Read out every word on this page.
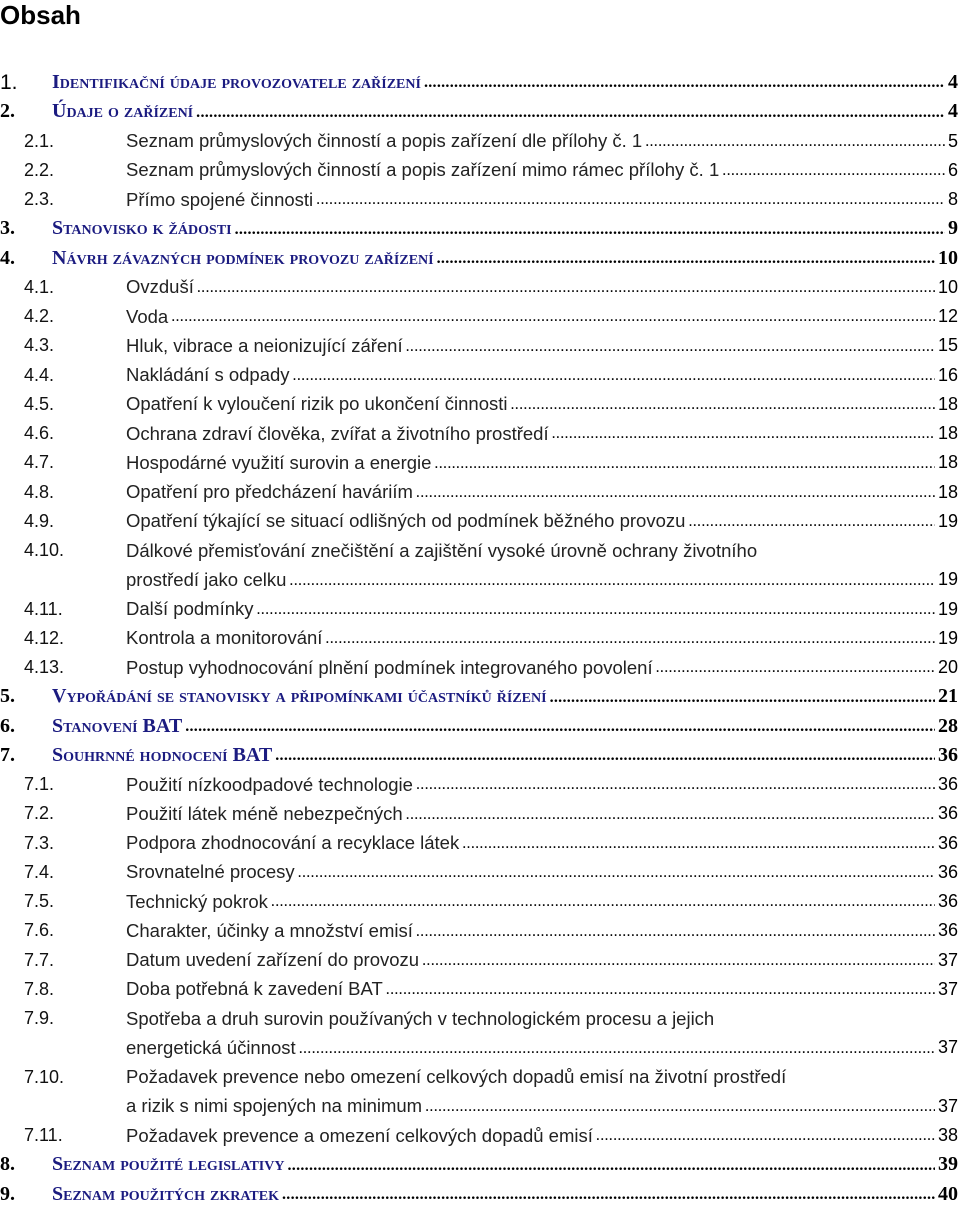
Obsah
1.	Identifikační údaje provozovatele zařízení .....	4
2.	Údaje o zařízení .....	4
2.1.	Seznam průmyslových činností a popis zařízení dle přílohy č. 1 .....	5
2.2.	Seznam průmyslových činností a popis zařízení mimo rámec přílohy č. 1 .....	6
2.3.	Přímo spojené činnosti .....	8
3.	Stanovisko k žádosti .....	9
4.	Návrh závazných podmínek provozu zařízení .....	10
4.1.	Ovzduší .....	10
4.2.	Voda .....	12
4.3.	Hluk, vibrace a neionizující záření .....	15
4.4.	Nakládání s odpady .....	16
4.5.	Opatření k vyloučení rizik po ukončení činnosti .....	18
4.6.	Ochrana zdraví člověka, zvířat a životního prostředí .....	18
4.7.	Hospodárné využití surovin a energie .....	18
4.8.	Opatření pro předcházení haváriím .....	18
4.9.	Opatření týkající se situací odlišných od podmínek běžného provozu .....	19
4.10.	Dálkové přemisťování znečištění a zajištění vysoké úrovně ochrany životního
prostředí jako celku .....	19
4.11.	Další podmínky .....	19
4.12.	Kontrola a monitorování .....	19
4.13.	Postup vyhodnocování plnění podmínek integrovaného povolení .....	20
5.	Vypořádání se stanovisky a připomínkami účastníků řízení .....	21
6.	Stanovení BAT .....	28
7.	Souhrnné hodnocení BAT .....	36
7.1.	Použití nízkoodpadové technologie .....	36
7.2.	Použití látek méně nebezpečných .....	36
7.3.	Podpora zhodnocování a recyklace látek .....	36
7.4.	Srovnatelné procesy .....	36
7.5.	Technický pokrok .....	36
7.6.	Charakter, účinky a množství emisí .....	36
7.7.	Datum uvedení zařízení do provozu .....	37
7.8.	Doba potřebná k zavedení BAT .....	37
7.9.	Spotřeba a druh surovin používaných v technologickém procesu a jejich
energetická účinnost .....	37
7.10.	Požadavek prevence nebo omezení celkových dopadů emisí na životní prostředí
a rizik s nimi spojených na minimum .....	37
7.11.	Požadavek prevence a omezení celkových dopadů emisí .....	38
8.	Seznam použité legislativy .....	39
9.	Seznam použitých zkratek .....	40
